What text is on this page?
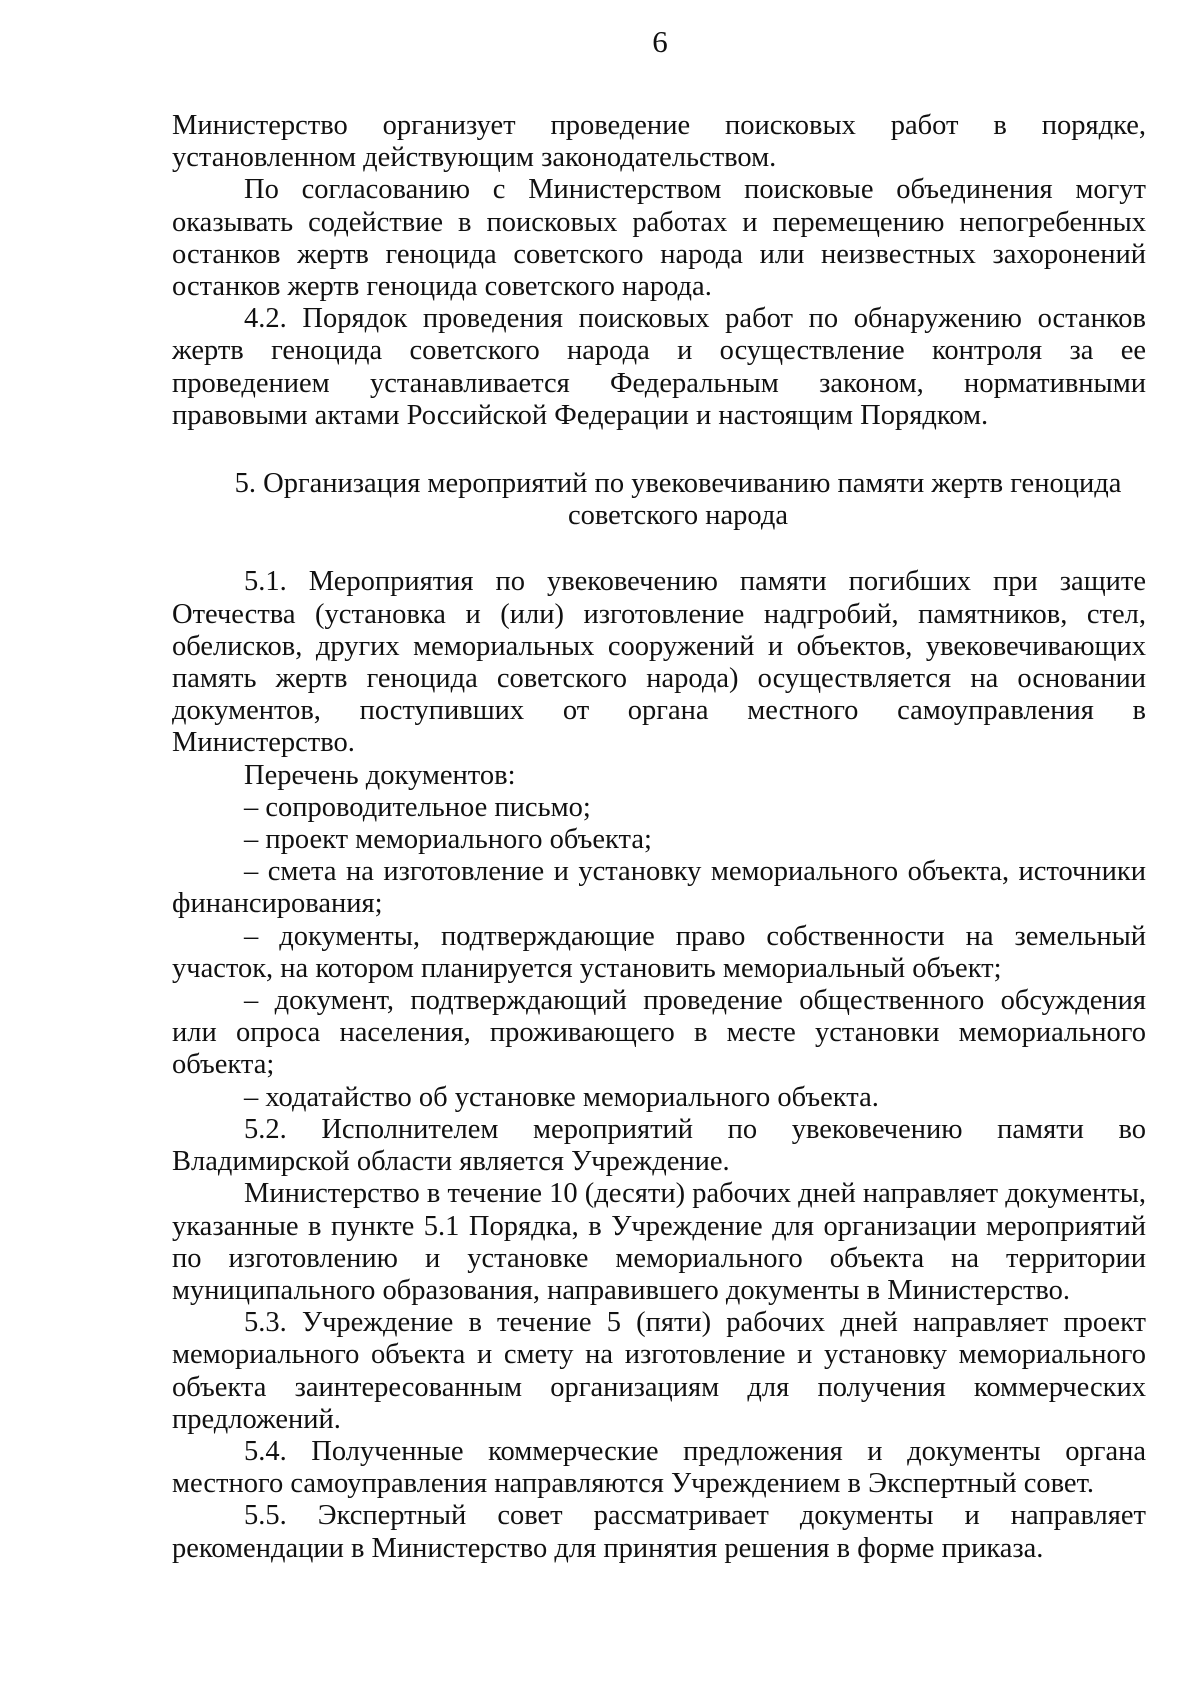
6

Министерство организует проведение поисковых работ в порядке, установленном действующим законодательством.

По согласованию с Министерством поисковые объединения могут оказывать содействие в поисковых работах и перемещению непогребенных останков жертв геноцида советского народа или неизвестных захоронений останков жертв геноцида советского народа.

4.2. Порядок проведения поисковых работ по обнаружению останков жертв геноцида советского народа и осуществление контроля за ее проведением устанавливается Федеральным законом, нормативными правовыми актами Российской Федерации и настоящим Порядком.

5. Организация мероприятий по увековечиванию памяти жертв геноцида советского народа

5.1. Мероприятия по увековечению памяти погибших при защите Отечества (установка и (или) изготовление надгробий, памятников, стел, обелисков, других мемориальных сооружений и объектов, увековечивающих память жертв геноцида советского народа) осуществляется на основании документов, поступивших от органа местного самоуправления в Министерство.

Перечень документов:

– сопроводительное письмо;

– проект мемориального объекта;

– смета на изготовление и установку мемориального объекта, источники финансирования;

– документы, подтверждающие право собственности на земельный участок, на котором планируется установить мемориальный объект;

– документ, подтверждающий проведение общественного обсуждения или опроса населения, проживающего в месте установки мемориального объекта;

– ходатайство об установке мемориального объекта.

5.2. Исполнителем мероприятий по увековечению памяти во Владимирской области является Учреждение.

Министерство в течение 10 (десяти) рабочих дней направляет документы, указанные в пункте 5.1 Порядка, в Учреждение для организации мероприятий по изготовлению и установке мемориального объекта на территории муниципального образования, направившего документы в Министерство.

5.3. Учреждение в течение 5 (пяти) рабочих дней направляет проект мемориального объекта и смету на изготовление и установку мемориального объекта заинтересованным организациям для получения коммерческих предложений.

5.4. Полученные коммерческие предложения и документы органа местного самоуправления направляются Учреждением в Экспертный совет.

5.5. Экспертный совет рассматривает документы и направляет рекомендации в Министерство для принятия решения в форме приказа.
